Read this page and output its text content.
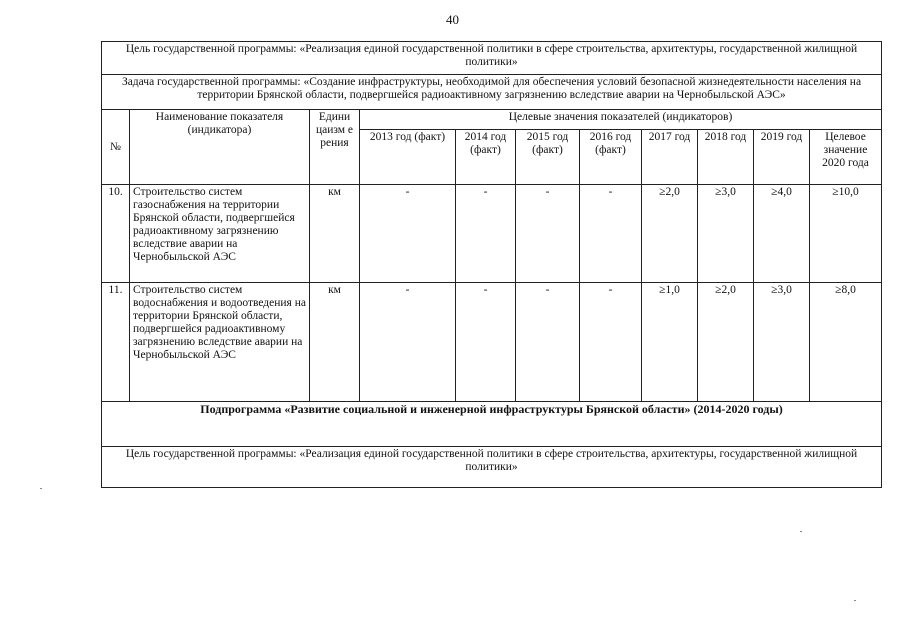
40
Цель государственной программы: «Реализация единой государственной политики в сфере строительства, архитектуры, государственной жилищной политики»										
Задача государственной программы: «Создание инфраструктуры, необходимой для обеспечения условий безопасной жизнедеятельности населения на территории Брянской области, подвергшейся радиоактивному загрязнению вследствие аварии на Чернобыльской АЭС»										
№	Наименование показателя (индикатора)	Едини цаизм е рения	Целевые значения показателей (индикаторов)							
			2013 год (факт)	2014 год (факт)	2015 год (факт)	2016 год (факт)	2017 год	2018 год	2019 год	Целевое значение 2020 года
10.	Строительство систем газоснабжения на территории Брянской области, подвергшейся радиоактивному загрязнению вследствие аварии на Чернобыльской АЭС	км	-	-	-	-	≥2,0	≥3,0	≥4,0	≥10,0
11.	Строительство систем водоснабжения и водоотведения на территории Брянской области, подвергшейся радиоактивному загрязнению вследствие аварии на Чернобыльской АЭС	км	-	-	-	-	≥1,0	≥2,0	≥3,0	≥8,0
Подпрограмма «Развитие социальной и инженерной инфраструктуры Брянской области» (2014-2020 годы)										
Цель государственной программы: «Реализация единой государственной политики в сфере строительства, архитектуры, государственной жилищной политики»										
